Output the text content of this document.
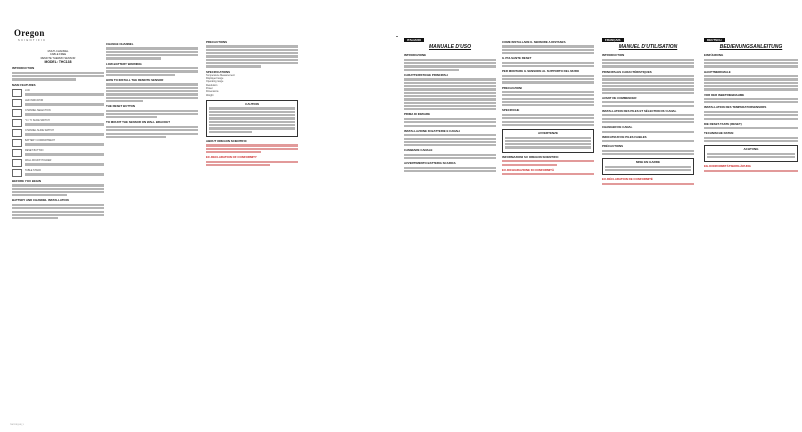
Oregon
SCIENTIFIC
MULTI-CHANNEL
CABLE FREE
REMOTE THERMO SENSOR
MODEL: THC138
INTRODUCTION
MAIN FEATURES
LCD
LED INDICATOR
CHANNEL SELECTION
°C / °F SLIDE SWITCH
CHANNEL SLIDE SWITCH
BATTERY COMPARTMENT
RESET BUTTON
WALL MOUNT HOLDER
TABLE STAND
BEFORE YOU BEGIN
BATTERY AND CHANNEL INSTALLATION
CHANGE CHANNEL
LOW-BATTERY WARNING
HOW TO INSTALL THE REMOTE SENSOR
THE RESET BUTTON
TO MOUNT THE SENSOR ON WALL BRACKET
THC138_EN_1
PRECAUTIONS
SPECIFICATIONS
Temperature Measurement
Displayed range
Operating range
Resolution
Power
Dimensions
Weight
CAUTION
ABOUT OREGON SCIENTIFIC
EC-DECLARATION OF CONFORMITY
ITALIANO
MANUALE D'USO
INTRODUZIONE
CARATTERISTICHE PRINCIPALI
PRIMA DI INIZIARE
INSTALLAZIONE DI BATTERIE E CANALI
CAMBIARE CANALE
AVVERTIMENTO BATTERIA SCARICA
COME INSTALLARE IL SENSORE A DISTANZA
IL PULSANTE RESET
PER MONTARE IL SENSORE AL SUPPORTO DEL MURO
PRECAUZIONI
SPECIFICHE
AVVERTENZE
INFORMAZIONI SU OREGON SCIENTIFIC
EU-DICHIARAZIONE DI CONFORMITÀ
FRANÇAIS
MANUEL D'UTILISATION
INTRODUCTION
PRINCIPALES CARACTÉRISTIQUES
AVANT DE COMMENCER
INSTALLATION DES PILES ET SÉLECTION DU CANAL
CHANGER DE CANAL
INDICATEUR DE PILES FAIBLES
PRÉCAUTIONS
MISE EN GARDE
EU-DÉCLARATION DE CONFORMITÉ
DEUTSCH
BEDIENUNGSANLEITUNG
EINFÜHRUNG
HAUPTMERKMALE
VOR DER INBETRIEBNAHME
INSTALLATION DES TEMPERATURSENSORS
DIE RESET-TASTE (RESET)
TECHNISCHE DATEN
ACHTUNG
EG-KONFORMITÄTSERKLÄRUNG
